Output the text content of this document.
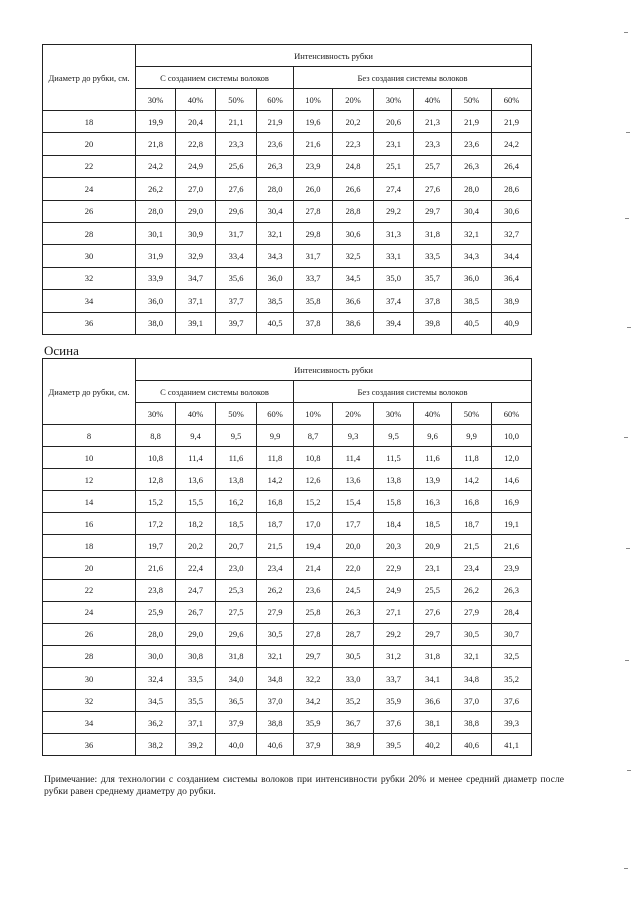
Диаметр до рубки, см.	Интенсивность рубки									
	С созданием системы волоков				Без создания системы волоков					
	30%	40%	50%	60%	10%	20%	30%	40%	50%	60%
18	19,9	20,4	21,1	21,9	19,6	20,2	20,6	21,3	21,9	21,9
20	21,8	22,8	23,3	23,6	21,6	22,3	23,1	23,3	23,6	24,2
22	24,2	24,9	25,6	26,3	23,9	24,8	25,1	25,7	26,3	26,4
24	26,2	27,0	27,6	28,0	26,0	26,6	27,4	27,6	28,0	28,6
26	28,0	29,0	29,6	30,4	27,8	28,8	29,2	29,7	30,4	30,6
28	30,1	30,9	31,7	32,1	29,8	30,6	31,3	31,8	32,1	32,7
30	31,9	32,9	33,4	34,3	31,7	32,5	33,1	33,5	34,3	34,4
32	33,9	34,7	35,6	36,0	33,7	34,5	35,0	35,7	36,0	36,4
34	36,0	37,1	37,7	38,5	35,8	36,6	37,4	37,8	38,5	38,9
36	38,0	39,1	39,7	40,5	37,8	38,6	39,4	39,8	40,5	40,9
Осина
Диаметр до рубки, см.	Интенсивность рубки									
	С созданием системы волоков				Без создания системы волоков					
	30%	40%	50%	60%	10%	20%	30%	40%	50%	60%
8	8,8	9,4	9,5	9,9	8,7	9,3	9,5	9,6	9,9	10,0
10	10,8	11,4	11,6	11,8	10,8	11,4	11,5	11,6	11,8	12,0
12	12,8	13,6	13,8	14,2	12,6	13,6	13,8	13,9	14,2	14,6
14	15,2	15,5	16,2	16,8	15,2	15,4	15,8	16,3	16,8	16,9
16	17,2	18,2	18,5	18,7	17,0	17,7	18,4	18,5	18,7	19,1
18	19,7	20,2	20,7	21,5	19,4	20,0	20,3	20,9	21,5	21,6
20	21,6	22,4	23,0	23,4	21,4	22,0	22,9	23,1	23,4	23,9
22	23,8	24,7	25,3	26,2	23,6	24,5	24,9	25,5	26,2	26,3
24	25,9	26,7	27,5	27,9	25,8	26,3	27,1	27,6	27,9	28,4
26	28,0	29,0	29,6	30,5	27,8	28,7	29,2	29,7	30,5	30,7
28	30,0	30,8	31,8	32,1	29,7	30,5	31,2	31,8	32,1	32,5
30	32,4	33,5	34,0	34,8	32,2	33,0	33,7	34,1	34,8	35,2
32	34,5	35,5	36,5	37,0	34,2	35,2	35,9	36,6	37,0	37,6
34	36,2	37,1	37,9	38,8	35,9	36,7	37,6	38,1	38,8	39,3
36	38,2	39,2	40,0	40,6	37,9	38,9	39,5	40,2	40,6	41,1
Примечание: для технологии с созданием системы волоков при интенсивности рубки 20% и менее средний диаметр после рубки равен среднему диаметру до рубки.
